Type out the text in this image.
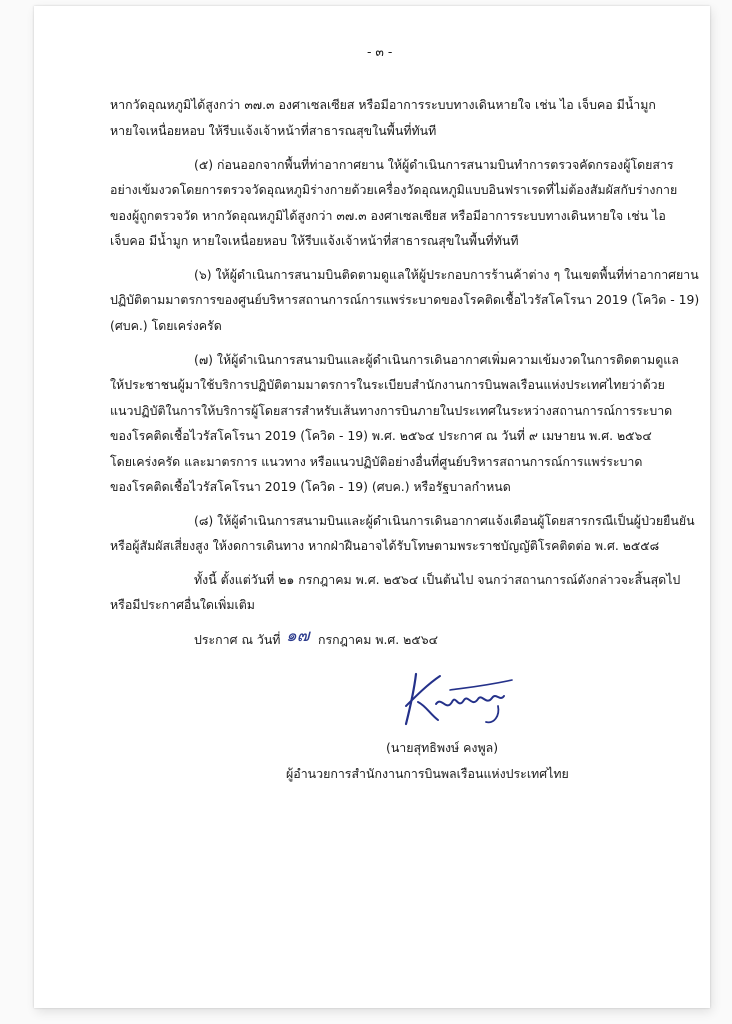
- ๓ -
หากวัดอุณหภูมิได้สูงกว่า ๓๗.๓ องศาเซลเซียส หรือมีอาการระบบทางเดินหายใจ เช่น ไอ เจ็บคอ มีน้ำมูก
หายใจเหนื่อยหอบ ให้รีบแจ้งเจ้าหน้าที่สาธารณสุขในพื้นที่ทันที
(๕) ก่อนออกจากพื้นที่ท่าอากาศยาน ให้ผู้ดำเนินการสนามบินทำการตรวจคัดกรองผู้โดยสาร
อย่างเข้มงวดโดยการตรวจวัดอุณหภูมิร่างกายด้วยเครื่องวัดอุณหภูมิแบบอินฟราเรดที่ไม่ต้องสัมผัสกับร่างกาย
ของผู้ถูกตรวจวัด หากวัดอุณหภูมิได้สูงกว่า ๓๗.๓ องศาเซลเซียส หรือมีอาการระบบทางเดินหายใจ เช่น ไอ
เจ็บคอ มีน้ำมูก หายใจเหนื่อยหอบ ให้รีบแจ้งเจ้าหน้าที่สาธารณสุขในพื้นที่ทันที
(๖) ให้ผู้ดำเนินการสนามบินติดตามดูแลให้ผู้ประกอบการร้านค้าต่าง ๆ ในเขตพื้นที่ท่าอากาศยาน
ปฏิบัติตามมาตรการของศูนย์บริหารสถานการณ์การแพร่ระบาดของโรคติดเชื้อไวรัสโคโรนา 2019 (โควิด - 19)
(ศบค.) โดยเคร่งครัด
(๗) ให้ผู้ดำเนินการสนามบินและผู้ดำเนินการเดินอากาศเพิ่มความเข้มงวดในการติดตามดูแล
ให้ประชาชนผู้มาใช้บริการปฏิบัติตามมาตรการในระเบียบสำนักงานการบินพลเรือนแห่งประเทศไทยว่าด้วย
แนวปฏิบัติในการให้บริการผู้โดยสารสำหรับเส้นทางการบินภายในประเทศในระหว่างสถานการณ์การระบาด
ของโรคติดเชื้อไวรัสโคโรนา 2019 (โควิด - 19) พ.ศ. ๒๕๖๔ ประกาศ ณ วันที่ ๙ เมษายน พ.ศ. ๒๕๖๔
โดยเคร่งครัด และมาตรการ แนวทาง หรือแนวปฏิบัติอย่างอื่นที่ศูนย์บริหารสถานการณ์การแพร่ระบาด
ของโรคติดเชื้อไวรัสโคโรนา 2019 (โควิด - 19) (ศบค.) หรือรัฐบาลกำหนด
(๘) ให้ผู้ดำเนินการสนามบินและผู้ดำเนินการเดินอากาศแจ้งเตือนผู้โดยสารกรณีเป็นผู้ป่วยยืนยัน
หรือผู้สัมผัสเสี่ยงสูง ให้งดการเดินทาง หากฝ่าฝืนอาจได้รับโทษตามพระราชบัญญัติโรคติดต่อ พ.ศ. ๒๕๕๘
ทั้งนี้ ตั้งแต่วันที่ ๒๑ กรกฎาคม พ.ศ. ๒๕๖๔ เป็นต้นไป จนกว่าสถานการณ์ดังกล่าวจะสิ้นสุดไป
หรือมีประกาศอื่นใดเพิ่มเติม
ประกาศ ณ วันที่ ๑๗ กรกฎาคม พ.ศ. ๒๕๖๔
(นายสุทธิพงษ์ คงพูล)
ผู้อำนวยการสำนักงานการบินพลเรือนแห่งประเทศไทย
